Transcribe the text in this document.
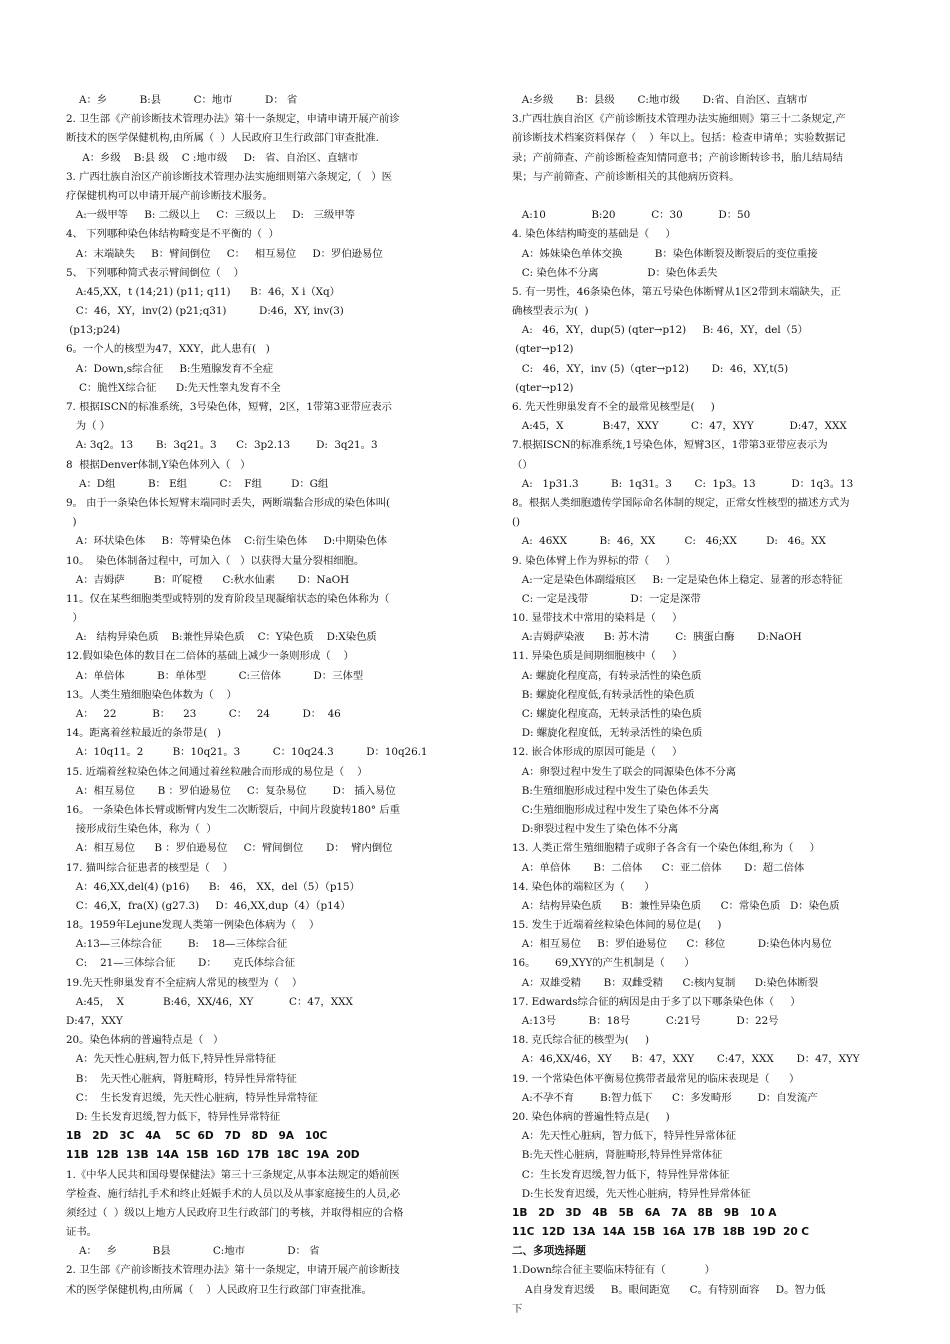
A：乡          B:县          C：地市          D： 省
2. 卫生部《产前诊断技术管理办法》第十一条规定，申请申请开展产前诊
断技术的医学保健机构,由所属（  ）人民政府卫生行政部门审查批准.
A：乡级    B:县 级    C :地市级     D:   省、自治区、直辖市
3. 广西壮族自治区产前诊断技术管理办法实施细则第六条规定,（   ）医
疗保健机构可以申请开展产前诊断技术服务。
A:一级甲等     B: 二级以上     C：三级以上     D:   三级甲等
4、 下列哪种染色体结构畸变是不平衡的（  ）
A：末端缺失     B：臂间倒位     C：   相互易位     D：罗伯逊易位
5、 下列哪种简式表示臂间倒位（    ）
A:45,XX，t (14;21) (p11; q11)      B：46，X i（Xq）
C：46，XY，inv(2) (p21;q31)          D:46，XY, inv(3)
(p13;p24)
6。一个人的核型为47，XXY，此人患有(   )
A：Down,s综合征     B:生殖腺发育不全症
C：脆性X综合征      D:先天性睾丸发育不全
7. 根据ISCN的标准系统，3号染色体，短臂，2区，1带第3亚带应表示
为（ ）
A: 3q2。13       B:  3q21。3      C:  3p2.13        D:  3q21。3
8  根据Denver体制,Y染色体列入（   ）
A：D组          B： E组          C：  F组         D：G组
9。 由于一条染色体长短臂末端同时丢失，两断端黏合形成的染色体叫(
)
A：环状染色体     B：等臂染色体    C:衍生染色体     D:中期染色体
10。  染色体制备过程中，可加入（   ）以获得大量分裂相细胞。
A：吉姆萨         B：吖啶橙      C:秋水仙素       D：NaOH
11。仅在某些细胞类型或特别的发育阶段呈现凝缩状态的染色体称为（
）
A:   结构异染色质    B:兼性异染色质    C：Y染色质    D:X染色质
12.假如染色体的数目在二倍体的基础上减少一条则形成（    ）
A：单倍体          B：单体型          C:三倍体          D：三体型
13。人类生殖细胞染色体数为（    ）
A：   22           B：    23          C：   24          D：  46
14。距离着丝粒最近的条带是(   )
A：10q11。2         B：10q21。3          C：10q24.3          D：10q26.1
15. 近端着丝粒染色体之间通过着丝粒融合而形成的易位是（    ）
A：相互易位       B ：罗伯逊易位     C：复杂易位        D： 插入易位
16。 一条染色体长臂或断臂内发生二次断裂后，中间片段旋转180° 后重
接形成衍生染色体，称为（  ）
A：相互易位      B ：罗伯逊易位     C：臂间倒位       D：  臂内倒位
17. 猫叫综合征患者的核型是（    ）
A：46,XX,del(4) (p16)      B:   46， XX，del（5）（p15）
C：46,X，fra(X) (g27.3)     D：46,XX,dup（4）（p14）
18。1959年Lejune发现人类第一例染色体病为（    ）
A:13—三体综合征        B:    18—三体综合征
C:    21—三体综合征       D：     克氏体综合征
19.先天性卵巢发育不全症病人常见的核型为（    ）
A:45，  X            B:46，XX/46，XY           C：47，XXX
D:47，XXY
20。染色体病的普遍特点是（   ）
A：先天性心脏病,智力低下,特异性异常特征
B：  先天性心脏病，肾脏畸形，特异性异常特征
C：  生长发育迟缓，先天性心脏病，特异性异常特征
D: 生长发育迟缓,智力低下，特异性异常特征
1B   2D   3C   4A    5C  6D   7D   8D   9A   10C
11B  12B  13B  14A  15B  16D  17B  18C  19A  20D
1.《中华人民共和国母婴保健法》第三十三条规定,从事本法规定的婚前医
学检查、施行结扎手术和终止妊娠手术的人员以及从事家庭接生的人员,必
须经过（  ）级以上地方人民政府卫生行政部门的考核，并取得相应的合格
证书。
A：   乡           B县             C:地市             D： 省
2. 卫生部《产前诊断技术管理办法》第十一条规定，申请开展产前诊断技
术的医学保健机构,由所属（    ）人民政府卫生行政部门审查批准。
A:乡级       B：县级       C:地市级       D:省、自治区、直辖市
3.广西壮族自治区《产前诊断技术管理办法实施细则》第三十二条规定,产
前诊断技术档案资料保存（    ）年以上。包括：检查申请单；实验数据记
录；产前筛查、产前诊断检查知情同意书；产前诊断转诊书，胎儿结局结
果；与产前筛查、产前诊断相关的其他病历资料。
A:10              B:20           C：30           D：50
4. 染色体结构畸变的基础是（     ）
A：姊妹染色单体交换          B：染色体断裂及断裂后的变位重接
C: 染色体不分离               D：染色体丢失
5. 有一男性，46条染色体，第五号染色体断臂从1区2带到末端缺失，正
确核型表示为(  )
A:   46，XY，dup(5) (qter→p12)     B: 46，XY，del（5）
(qter→p12)
C:   46，XY，inv (5)（qter→p12)       D:  46，XY,t(5)
(qter→p12)
6. 先天性卵巢发育不全的最常见核型是(     )
A:45，X            B:47，XXY          C：47，XYY           D:47，XXX
7.根据ISCN的标准系统,1号染色体，短臂3区，1带第3亚带应表示为
（）
A:   1p31.3          B:  1q31。3       C:  1p3。13           D：1q3。13
8。根据人类细胞遗传学国际命名体制的规定，正常女性核型的描述方式为
()
A:  46XX          B:  46，XX         C:   46;XX         D:   46。XX
9. 染色体臂上作为界标的带（     ）
A:一定是染色体副缢痕区     B: 一定是染色体上稳定、显著的形态特征
C: 一定是浅带             D：一定是深带
10. 显带技术中常用的染料是（     ）
A:吉姆萨染液      B: 苏木清        C:  胰蛋白酶       D:NaOH
11. 异染色质是间期细胞核中（     ）
A: 螺旋化程度高，有转录活性的染色质
B: 螺旋化程度低,有转录活性的染色质
C: 螺旋化程度高，无转录活性的染色质
D: 螺旋化程度低，无转录活性的染色质
12. 嵌合体形成的原因可能是（     ）
A：卵裂过程中发生了联会的同源染色体不分离
B:生殖细胞形成过程中发生了染色体丢失
C:生殖细胞形成过程中发生了染色体不分离
D:卵裂过程中发生了染色体不分离
13. 人类正常生殖细胞精子或卵子各含有一个染色体组,称为（     ）
A：单倍体       B：二倍体      C：亚二倍体       D：超二倍体
14. 染色体的端粒区为（      ）
A：结构异染色质      B：兼性异染色质      C：常染色质   D：染色质
15. 发生于近端着丝粒染色体间的易位是(     )
A：相互易位     B：罗伯逊易位      C：移位          D:染色体内易位
16。      69,XYY的产生机制是（      ）
A：双雄受精       B：双雌受精      C:核内复制      D:染色体断裂
17. Edwards综合征的病因是由于多了以下哪条染色体（     ）
A:13号          B：18号           C:21号           D：22号
18. 克氏综合征的核型为(     )
A：46,XX/46，XY      B：47，XXY       C:47，XXX       D：47，XYY
19. 一个常染色体平衡易位携带者最常见的临床表现是（      ）
A:不孕不育        B:智力低下      C：多发畸形        D：自发流产
20. 染色体病的普遍性特点是(     )
A：先天性心脏病，智力低下，特异性异常体征
B:先天性心脏病，肾脏畸形,特异性异常体征
C：生长发育迟缓,智力低下，特异性异常体征
D:生长发育迟缓，先天性心脏病，特异性异常体征
1B   2D   3D   4B   5B   6A   7A   8B   9B   10 A
11C  12D  13A  14A  15B  16A  17B  18B  19D  20 C
二、多项选择题
1.Down综合征主要临床特征有（            ）
A自身发育迟缓     B。眼间距宽      C。有特别面容     D。智力低
下
